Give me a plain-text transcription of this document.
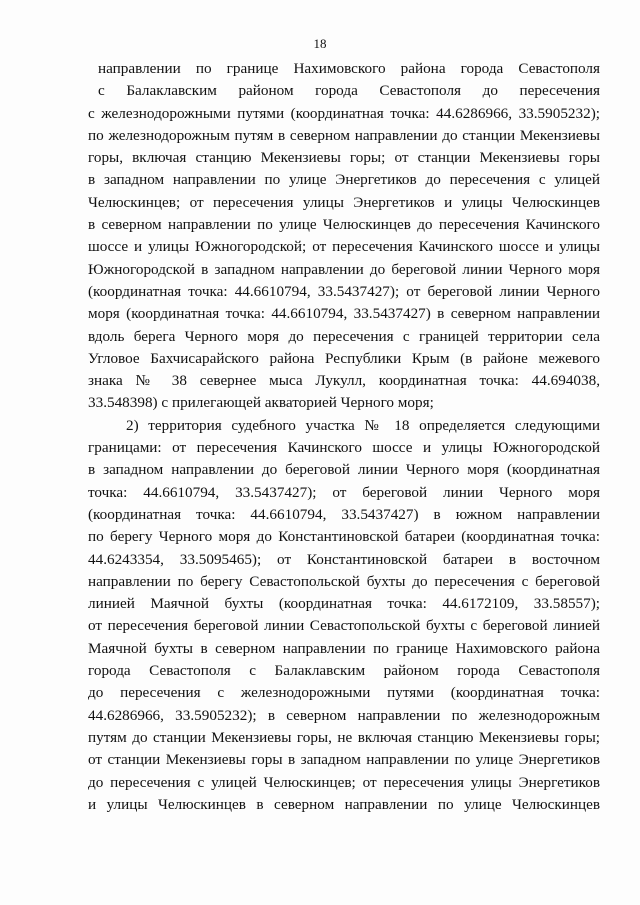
18
направлении по границе Нахимовского района города Севастополя
с Балаклавским районом города Севастополя до пересечения
с железнодорожными путями (координатная точка: 44.6286966, 33.5905232);
по железнодорожным путям в северном направлении до станции Мекензиевы
горы, включая станцию Мекензиевы горы; от станции Мекензиевы горы
в западном направлении по улице Энергетиков до пересечения с улицей
Челюскинцев; от пересечения улицы Энергетиков и улицы Челюскинцев
в северном направлении по улице Челюскинцев до пересечения Качинского
шоссе и улицы Южногородской; от пересечения Качинского шоссе и улицы
Южногородской в западном направлении до береговой линии Черного моря
(координатная точка: 44.6610794, 33.5437427); от береговой линии Черного
моря (координатная точка: 44.6610794, 33.5437427) в северном направлении
вдоль берега Черного моря до пересечения с границей территории села
Угловое Бахчисарайского района Республики Крым (в районе межевого
знака № 38 севернее мыса Лукулл, координатная точка: 44.694038,
33.548398) с прилегающей акваторией Черного моря;
2) территория судебного участка № 18 определяется следующими
границами: от пересечения Качинского шоссе и улицы Южногородской
в западном направлении до береговой линии Черного моря (координатная
точка: 44.6610794, 33.5437427); от береговой линии Черного моря
(координатная точка: 44.6610794, 33.5437427) в южном направлении
по берегу Черного моря до Константиновской батареи (координатная точка:
44.6243354, 33.5095465); от Константиновской батареи в восточном
направлении по берегу Севастопольской бухты до пересечения с береговой
линией Маячной бухты (координатная точка: 44.6172109, 33.58557);
от пересечения береговой линии Севастопольской бухты с береговой линией
Маячной бухты в северном направлении по границе Нахимовского района
города Севастополя с Балаклавским районом города Севастополя
до пересечения с железнодорожными путями (координатная точка:
44.6286966, 33.5905232); в северном направлении по железнодорожным
путям до станции Мекензиевы горы, не включая станцию Мекензиевы горы;
от станции Мекензиевы горы в западном направлении по улице Энергетиков
до пересечения с улицей Челюскинцев; от пересечения улицы Энергетиков
и улицы Челюскинцев в северном направлении по улице Челюскинцев
